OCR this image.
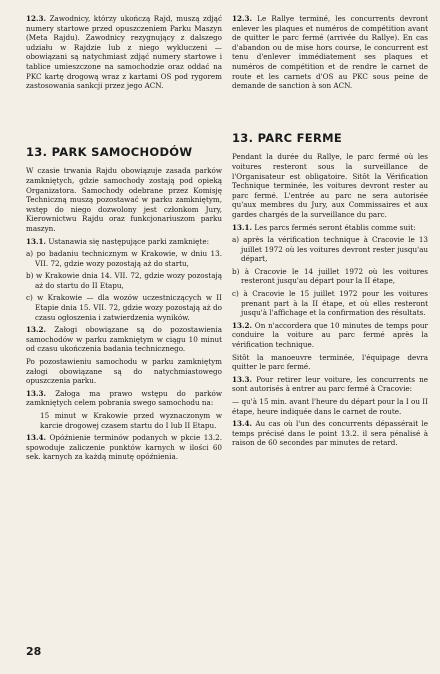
12.3. Zawodnicy, którzy ukończą Rajd, muszą zdjąć numery startowe przed opuszczeniem Parku Maszyn (Meta Rajdu). Zawodnicy rezygnujący z dalszego udziału w Rajdzie lub z niego wykluczeni — obowiązani są natychmiast zdjąć numery startowe i tablice umieszczone na samochodzie oraz oddać na PKC kartę drogową wraz z kartami OS pod rygorem zastosowania sankcji przez jego ACN.

13. PARK SAMOCHODÓW

W czasie trwania Rajdu obowiązuje zasada parków zamkniętych, gdzie samochody zostają pod opieką Organizatora. Samochody odebrane przez Komisję Techniczną muszą pozostawać w parku zamkniętym, wstęp do niego dozwolony jest członkom Jury, Kierownictwu Rajdu oraz funkcjonariuszom parku maszyn.

13.1. Ustanawia się następujące parki zamknięte:

a) po badaniu technicznym w Krakowie, w dniu 13. VII. 72, gdzie wozy pozostają aż do startu,

b) w Krakowie dnia 14. VII. 72, gdzie wozy pozostają aż do startu do II Etapu,

c) w Krakowie — dla wozów uczestniczących w II Etapie dnia 15. VII. 72, gdzie wozy pozostają aż do czasu ogłoszenia i zatwierdzenia wyników.

13.2. Załogi obowiązane są do pozostawienia samochodów w parku zamkniętym w ciągu 10 minut od czasu ukończenia badania technicznego.

Po pozostawieniu samochodu w parku zamkniętym załogi obowiązane są do natychmiastowego opuszczenia parku.

13.3. Załoga ma prawo wstępu do parków zamkniętych celem pobrania swego samochodu na:

15 minut w Krakowie przed wyznaczonym w karcie drogowej czasem startu do I lub II Etapu.

13.4. Opóźnienie terminów podanych w pkcie 13.2. spowoduje zaliczenie punktów karnych w ilości 60 sek. karnych za każdą minutę opóźnienia.

12.3. Le Rallye terminé, les concurrents devront enlever les plaques et numéros de compétition avant de quitter le parc fermé (arrivée du Rallye). En cas d'abandon ou de mise hors course, le concurrent est tenu d'enlever immédiatement ses plaques et numéros de compétition et de rendre le carnet de route et les carnets d'OS au PKC sous peine de demande de sanction à son ACN.

13. PARC FERME

Pendant la durée du Rallye, le parc fermé où les voitures resteront sous la surveillance de l'Organisateur est obligatoire. Sitôt la Vérification Technique terminée, les voitures devront rester au parc fermé. L'entrée au parc ne sera autorisée qu'aux membres du Jury, aux Commissaires et aux gardes chargés de la surveillance du parc.

13.1. Les parcs fermés seront établis comme suit:

a) après la vérification technique à Cracovie le 13 juillet 1972 où les voitures devront rester jusqu'au départ,

b) à Cracovie le 14 juillet 1972 où les voitures resteront jusqu'au départ pour la II étape,

c) à Cracovie le 15 juillet 1972 pour les voitures prenant part à la II étape, et où elles resteront jusqu'à l'affichage et la confirmation des résultats.

13.2. On n'accordera que 10 minutes de temps pour conduire la voiture au parc fermé après la vérification technique.

Sitôt la manoeuvre terminée, l'équipage devra quitter le parc fermé.

13.3. Pour retirer leur voiture, les concurrents ne sont autorisés à entrer au parc fermé à Cracovie:

— qu'à 15 min. avant l'heure du départ pour la I ou II étape, heure indiquée dans le carnet de route.

13.4. Au cas où l'un des concurrents dépassérait le temps précisé dans le point 13.2. il sera pénalisé à raison de 60 secondes par minutes de retard.

28
